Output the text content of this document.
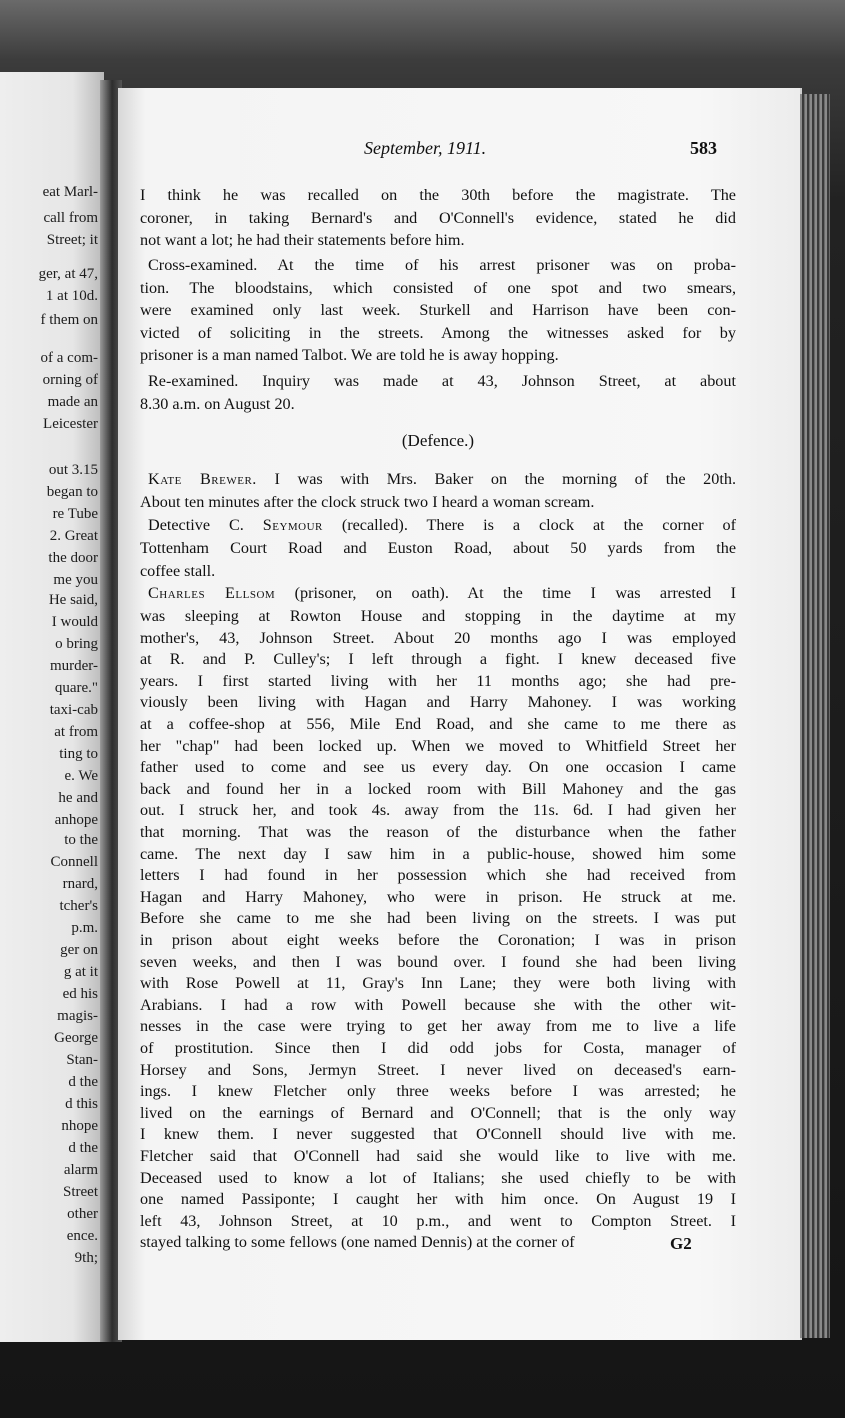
eat Marl-
call from
Street; it
ger, at 47,
1 at 10d.
f them on
of a com-
orning of
made an
Leicester
out 3.15
began to
re Tube
2. Great
the door
me you
He said,
I would
o bring
murder-
quare."
taxi-cab
at from
ting to
e. We
he and
anhope
to the
Connell
rnard,
tcher's
p.m.
ger on
g at it
ed his
magis-
George
Stan-
d the
d this
nhope
d the
alarm
Street
other
ence.
9th;
September, 1911.	583
I think he was recalled on the 30th before the magistrate. The
coroner, in taking Bernard's and O'Connell's evidence, stated he did
not want a lot; he had their statements before him.
Cross-examined. At the time of his arrest prisoner was on proba-
tion. The bloodstains, which consisted of one spot and two smears,
were examined only last week. Sturkell and Harrison have been con-
victed of soliciting in the streets. Among the witnesses asked for by
prisoner is a man named Talbot. We are told he is away hopping.
Re-examined. Inquiry was made at 43, Johnson Street, at about
8.30 a.m. on August 20.
(Defence.)
Kate Brewer. I was with Mrs. Baker on the morning of the 20th.
About ten minutes after the clock struck two I heard a woman scream.
Detective C. Seymour (recalled). There is a clock at the corner of
Tottenham Court Road and Euston Road, about 50 yards from the
coffee stall.
Charles Ellsom (prisoner, on oath). At the time I was arrested I
was sleeping at Rowton House and stopping in the daytime at my
mother's, 43, Johnson Street. About 20 months ago I was employed
at R. and P. Culley's; I left through a fight. I knew deceased five
years. I first started living with her 11 months ago; she had pre-
viously been living with Hagan and Harry Mahoney. I was working
at a coffee-shop at 556, Mile End Road, and she came to me there as
her "chap" had been locked up. When we moved to Whitfield Street her
father used to come and see us every day. On one occasion I came
back and found her in a locked room with Bill Mahoney and the gas
out. I struck her, and took 4s. away from the 11s. 6d. I had given her
that morning. That was the reason of the disturbance when the father
came. The next day I saw him in a public-house, showed him some
letters I had found in her possession which she had received from
Hagan and Harry Mahoney, who were in prison. He struck at me.
Before she came to me she had been living on the streets. I was put
in prison about eight weeks before the Coronation; I was in prison
seven weeks, and then I was bound over. I found she had been living
with Rose Powell at 11, Gray's Inn Lane; they were both living with
Arabians. I had a row with Powell because she with the other wit-
nesses in the case were trying to get her away from me to live a life
of prostitution. Since then I did odd jobs for Costa, manager of
Horsey and Sons, Jermyn Street. I never lived on deceased's earn-
ings. I knew Fletcher only three weeks before I was arrested; he
lived on the earnings of Bernard and O'Connell; that is the only way
I knew them. I never suggested that O'Connell should live with me.
Fletcher said that O'Connell had said she would like to live with me.
Deceased used to know a lot of Italians; she used chiefly to be with
one named Passiponte; I caught her with him once. On August 19 I
left 43, Johnson Street, at 10 p.m., and went to Compton Street. I
stayed talking to some fellows (one named Dennis) at the corner of	G2
